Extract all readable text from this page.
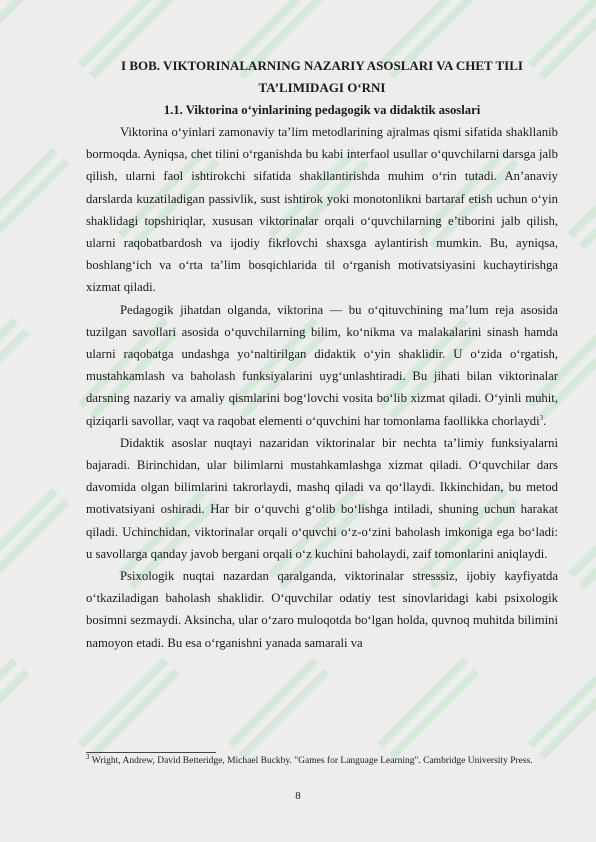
I BOB. VIKTORINALARNING NAZARIY ASOSLARI VA CHET TILI TA’LIMIDAGI O‘RNI
1.1. Viktorina o‘yinlarining pedagogik va didaktik asoslari

Viktorina o‘yinlari zamonaviy ta’lim metodlarining ajralmas qismi sifatida shakllanib bormoqda. Ayniqsa, chet tilini o‘rganishda bu kabi interfaol usullar o‘quvchilarni darsga jalb qilish, ularni faol ishtirokchi sifatida shakllantirishda muhim o‘rin tutadi. An’anaviy darslarda kuzatiladigan passivlik, sust ishtirok yoki monotonlikni bartaraf etish uchun o‘yin shaklidagi topshiriqlar, xususan viktorinalar orqali o‘quvchilarning e’tiborini jalb qilish, ularni raqobatbardosh va ijodiy fikrlovchi shaxsga aylantirish mumkin. Bu, ayniqsa, boshlang‘ich va o‘rta ta’lim bosqichlarida til o‘rganish motivatsiyasini kuchaytirishga xizmat qiladi.

Pedagogik jihatdan olganda, viktorina — bu o‘qituvchining ma’lum reja asosida tuzilgan savollari asosida o‘quvchilarning bilim, ko‘nikma va malakalarini sinash hamda ularni raqobatga undashga yo‘naltirilgan didaktik o‘yin shaklidir. U o‘zida o‘rgatish, mustahkamlash va baholash funksiyalarini uyg‘unlashtiradi. Bu jihati bilan viktorinalar darsning nazariy va amaliy qismlarini bog‘lovchi vosita bo‘lib xizmat qiladi. O‘yinli muhit, qiziqarli savollar, vaqt va raqobat elementi o‘quvchini har tomonlama faollikka chorlaydi$^3$.

Didaktik asoslar nuqtayi nazaridan viktorinalar bir nechta ta’limiy funksiyalarni bajaradi. Birinchidan, ular bilimlarni mustahkamlashga xizmat qiladi. O‘quvchilar dars davomida olgan bilimlarini takrorlaydi, mashq qiladi va qo‘llaydi. Ikkinchidan, bu metod motivatsiyani oshiradi. Har bir o‘quvchi g‘olib bo‘lishga intiladi, shuning uchun harakat qiladi. Uchinchidan, viktorinalar orqali o‘quvchi o‘z-o‘zini baholash imkoniga ega bo‘ladi: u savollarga qanday javob bergani orqali o‘z kuchini baholaydi, zaif tomonlarini aniqlaydi.

Psixologik nuqtai nazardan qaralganda, viktorinalar stresssiz, ijobiy kayfiyatda o‘tkaziladigan baholash shaklidir. O‘quvchilar odatiy test sinovlaridagi kabi psixologik bosimni sezmaydi. Aksincha, ular o‘zaro muloqotda bo‘lgan holda, quvnoq muhitda bilimini namoyon etadi. Bu esa o‘rganishni yanada samarali va

$^3$ Wright, Andrew, David Betteridge, Michael Buckby. "Games for Language Learning". Cambridge University Press.
8
